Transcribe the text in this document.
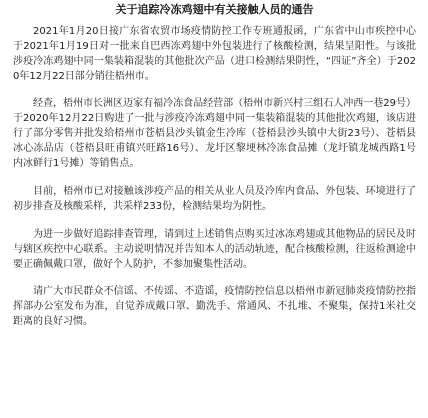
关于追踪冷冻鸡翅中有关接触人员的通告

2021年1月20日接广东省农贸市场疫情防控工作专班通报函，广东省中山市疾控中心于2021年1月19日对一批来自巴西冻鸡翅中外包装进行了核酸检测，结果呈阳性。与该批涉疫冷冻鸡翅中同一集装箱混装的其他批次产品（进口检测结果阴性，“四证”齐全）于2020年12月22日部分销往梧州市。

经查，梧州市长洲区迈家有福冷冻食品经营部（梧州市新兴村三组石人冲西一巷29号）于2020年12月22日购进了一批与涉疫冷冻鸡翅中同一集装箱混装的其他批次鸡翅，该店进行了部分零售并批发给梧州市苍梧县沙头镇金生冷库（苍梧县沙头镇中大街23号）、苍梧县冰心冻品店（苍梧县旺甫镇兴旺路16号）、龙圩区黎埂林冷冻食品摊（龙圩镇龙城西路1号内冰鲜行1号摊）等销售点。

目前，梧州市已对接触该涉疫产品的相关从业人员及冷库内食品、外包装、环境进行了初步排查及核酸采样，共采样233份，检测结果均为阴性。

为进一步做好追踪排查管理，请到过上述销售点购买过冰冻鸡翅或其他物品的居民及时与辖区疾控中心联系。主动说明情况并告知本人的活动轨迹，配合核酸检测，往返检测途中要正确佩戴口罩，做好个人防护，不参加聚集性活动。

请广大市民群众不信谣、不传谣、不造谣，疫情防控信息以梧州市新冠肺炎疫情防控指挥部办公室发布为准，自觉养成戴口罩、勤洗手、常通风、不扎堆、不聚集，保持1米社交距离的良好习惯。
